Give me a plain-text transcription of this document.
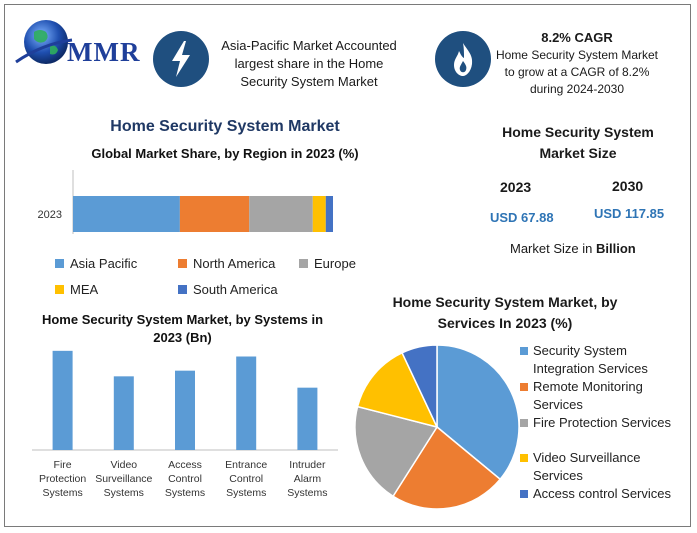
MMR	Asia-Pacific Market Accounted largest share in the Home Security System Market
8.2% CAGR
Home Security System Market to grow at a CAGR of 8.2% during 2024-2030
Home Security System Market
Global Market Share, by Region in 2023 (%)
2023
Asia Pacific	North America	Europe
MEA	South America
Home Security System Market, by Systems in 2023 (Bn)
Fire Protection Systems
Video Surveillance Systems
Access Control Systems
Entrance Control Systems
Intruder Alarm Systems
Home Security System Market Size
2023	2030
USD 67.88	USD 117.85
Market Size in Billion
Home Security System Market, by Services In 2023 (%)
Security System Integration Services
Remote Monitoring Services
Fire Protection Services
Video Surveillance Services
Access control Services
